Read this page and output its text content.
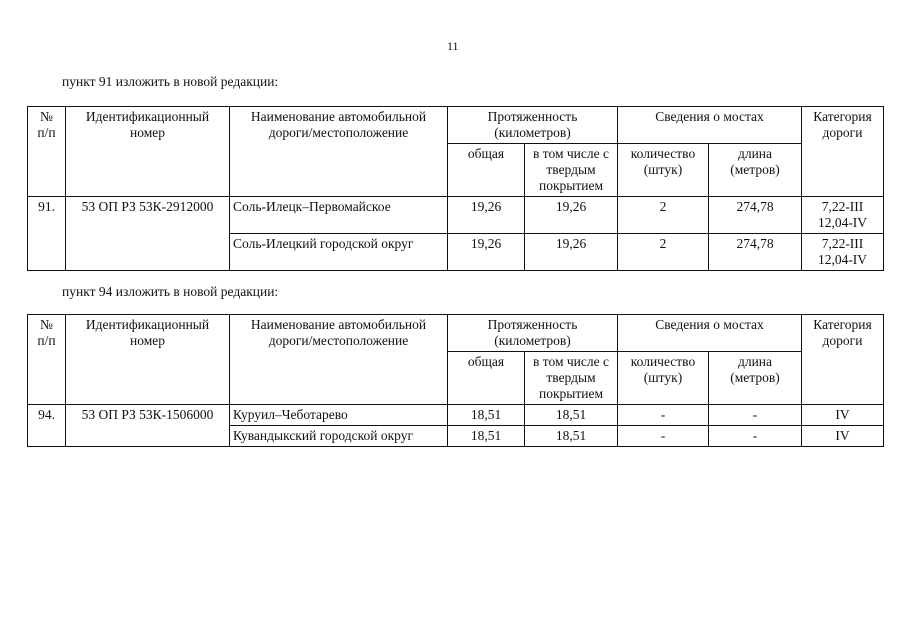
11
пункт 91 изложить в новой редакции:
№
п/п	Идентификационный номер	Наименование автомобильной дороги/местоположение	Протяженность (километров)		Сведения о мостах		Категория дороги
			общая	в том числе с твердым покрытием	количество (штук)	длина (метров)	
91.	53 ОП РЗ 53К-2912000	Соль-Илецк–Первомайское	19,26	19,26	2	274,78	7,22-III 12,04-IV
		Соль-Илецкий городской округ	19,26	19,26	2	274,78	7,22-III 12,04-IV
пункт 94 изложить в новой редакции:
№
п/п	Идентификационный номер	Наименование автомобильной дороги/местоположение	Протяженность (километров)		Сведения о мостах		Категория дороги
			общая	в том числе с твердым покрытием	количество (штук)	длина (метров)	
94.	53 ОП РЗ 53К-1506000	Куруил–Чеботарево	18,51	18,51	-	-	IV
		Кувандыкский городской округ	18,51	18,51	-	-	IV
